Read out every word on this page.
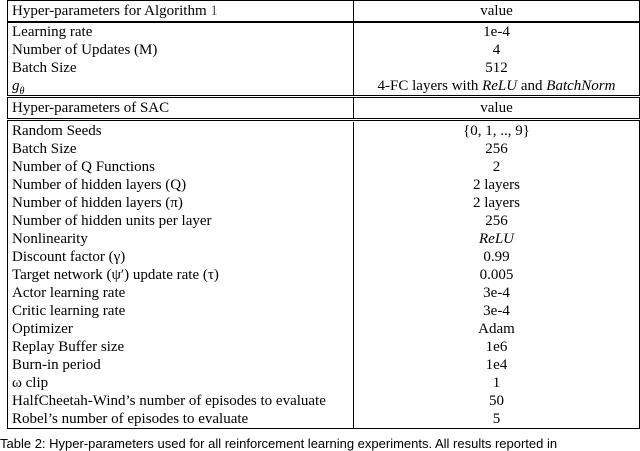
Hyper-parameters for Algorithm 1	value
Learning rate	1e-4
Number of Updates (M)	4
Batch Size	512
$g_\theta$	4-FC layers with ReLU and BatchNorm
Hyper-parameters of SAC	value
Random Seeds	{0, 1, .., 9}
Batch Size	256
Number of Q Functions	2
Number of hidden layers (Q)	2 layers
Number of hidden layers (π)	2 layers
Number of hidden units per layer	256
Nonlinearity	ReLU
Discount factor (γ)	0.99
Target network (ψ′) update rate (τ)	0.005
Actor learning rate	3e-4
Critic learning rate	3e-4
Optimizer	Adam
Replay Buffer size	1e6
Burn-in period	1e4
ω clip	1
HalfCheetah-Wind’s number of episodes to evaluate	50
Robel’s number of episodes to evaluate	5
Table 2: Hyper-parameters used for all reinforcement learning experiments. All results reported in
